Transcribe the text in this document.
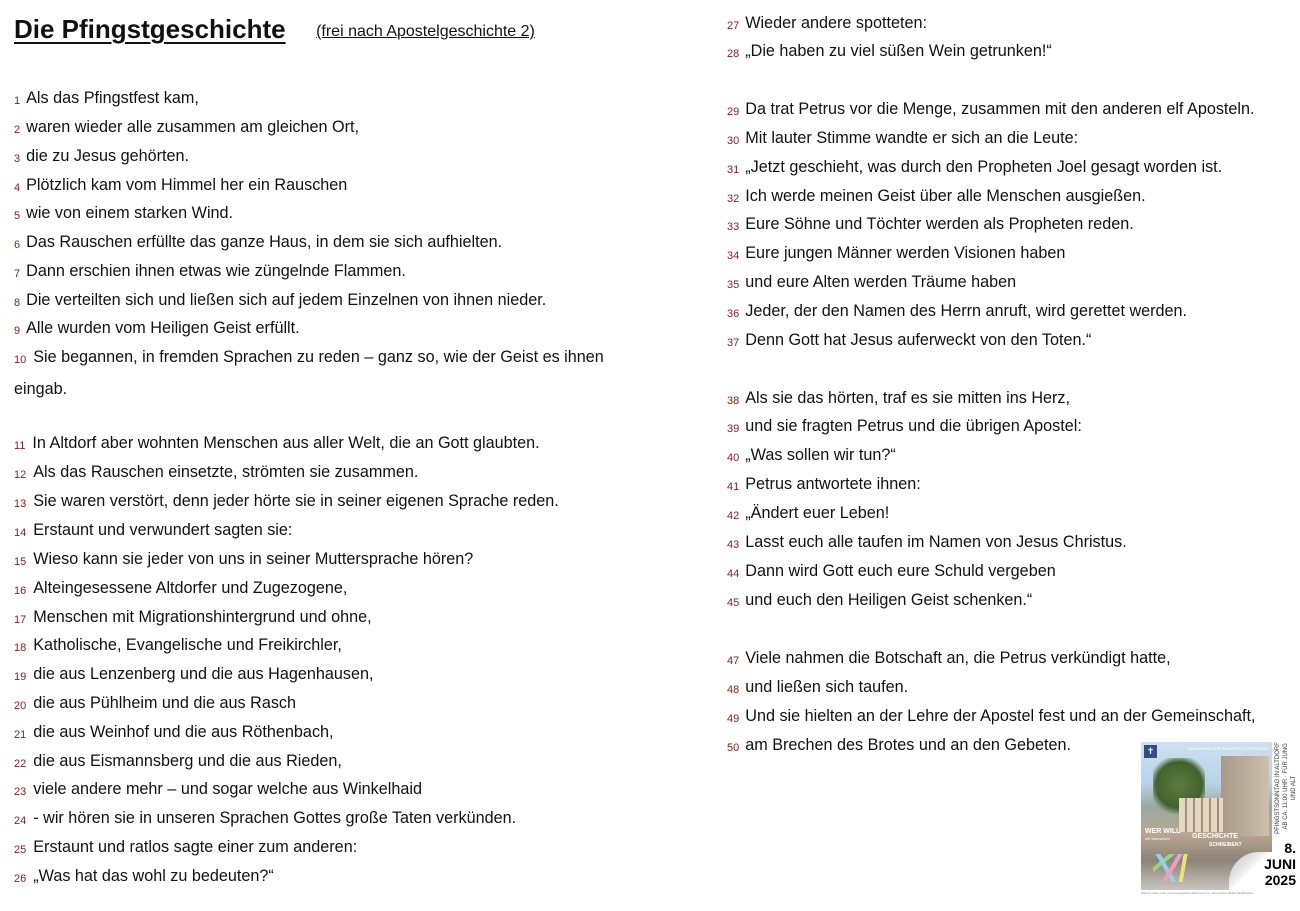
Die Pfingstgeschichte (frei nach Apostelgeschichte 2)
1 Als das Pfingstfest kam,
2 waren wieder alle zusammen am gleichen Ort,
3 die zu Jesus gehörten.
4 Plötzlich kam vom Himmel her ein Rauschen
5 wie von einem starken Wind.
6 Das Rauschen erfüllte das ganze Haus, in dem sie sich aufhielten.
7 Dann erschien ihnen etwas wie züngelnde Flammen.
8 Die verteilten sich und ließen sich auf jedem Einzelnen von ihnen nieder.
9 Alle wurden vom Heiligen Geist erfüllt.
10 Sie begannen, in fremden Sprachen zu reden – ganz so, wie der Geist es ihnen eingab.
11 In Altdorf aber wohnten Menschen aus aller Welt, die an Gott glaubten.
12 Als das Rauschen einsetzte, strömten sie zusammen.
13 Sie waren verstört, denn jeder hörte sie in seiner eigenen Sprache reden.
14 Erstaunt und verwundert sagten sie:
15 Wieso kann sie jeder von uns in seiner Muttersprache hören?
16 Alteingesessene Altdorfer und Zugezogene,
17 Menschen mit Migrationshintergrund und ohne,
18 Katholische, Evangelische und Freikirchler,
19 die aus Lenzenberg und die aus Hagenhausen,
20 die aus Pühlheim und die aus Rasch
21 die aus Weinhof und die aus Röthenbach,
22 die aus Eismannsberg und die aus Rieden,
23 viele andere mehr – und sogar welche aus Winkelhaid
24 - wir hören sie in unseren Sprachen Gottes große Taten verkünden.
25 Erstaunt und ratlos sagte einer zum anderen:
26 „Was hat das wohl zu bedeuten?“
27 Wieder andere spotteten:
28 „Die haben zu viel süßen Wein getrunken!“
29 Da trat Petrus vor die Menge, zusammen mit den anderen elf Aposteln.
30 Mit lauter Stimme wandte er sich an die Leute:
31 „Jetzt geschieht, was durch den Propheten Joel gesagt worden ist.
32 Ich werde meinen Geist über alle Menschen ausgießen.
33 Eure Söhne und Töchter werden als Propheten reden.
34 Eure jungen Männer werden Visionen haben
35 und eure Alten werden Träume haben
36 Jeder, der den Namen des Herrn anruft, wird gerettet werden.
37 Denn Gott hat Jesus auferweckt von den Toten.“
38 Als sie das hörten, traf es sie mitten ins Herz,
39 und sie fragten Petrus und die übrigen Apostel:
40 „Was sollen wir tun?“
41 Petrus antwortete ihnen:
42 „Ändert euer Leben!
43 Lasst euch alle taufen im Namen von Jesus Christus.
44 Dann wird Gott euch eure Schuld vergeben
45 und euch den Heiligen Geist schenken.“
47 Viele nahmen die Botschaft an, die Petrus verkündigt hatte,
48 und ließen sich taufen.
49 Und sie hielten an der Lehre der Apostel fest und an der Gemeinschaft,
50 am Brechen des Brotes und an den Gebeten.	✝	ÖKUMENISCHER PFINGSTGOTTESDIENST
WER WILL
mit Menschen	GESCHICHTE
SCHREIBEN?
Weitere Infos unter www.evangelisch-altdorf.de bzw. www.pfarrei-altdorf.de/aktuelles
PFINGSTSONNTAG IN ALTDORF · AB CA. 11:00 UHR · FÜR JUNG UND ALT
8.
JUNI
2025
